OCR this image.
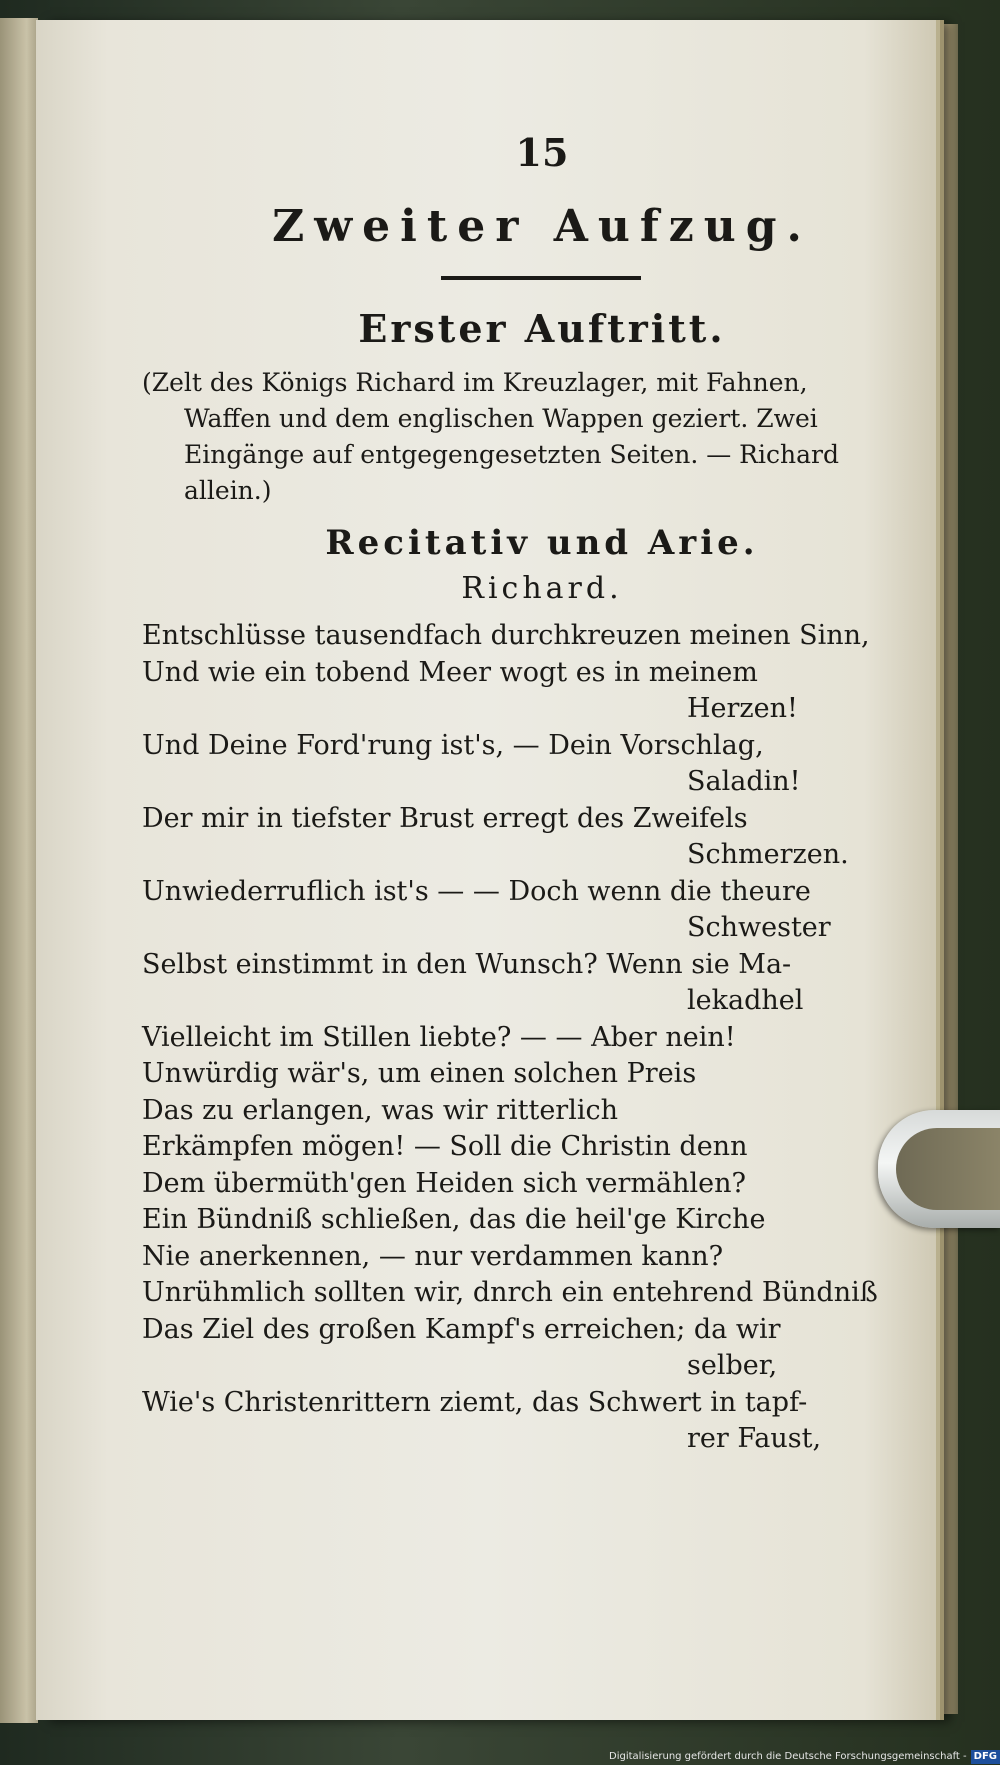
15
Zweiter Aufzug.
Erster Auftritt.
(Zelt des Königs Richard im Kreuzlager, mit Fahnen,
Waffen und dem englischen Wappen geziert. Zwei
Eingänge auf entgegengesetzten Seiten. — Richard
allein.)
Recitativ und Arie.
Richard.
Entschlüsse tausendfach durchkreuzen meinen Sinn,
Und wie ein tobend Meer wogt es in meinem
Herzen!
Und Deine Ford'rung ist's, — Dein Vorschlag,
Saladin!
Der mir in tiefster Brust erregt des Zweifels
Schmerzen.
Unwiederruflich ist's — — Doch wenn die theure
Schwester
Selbst einstimmt in den Wunsch? Wenn sie Ma-
lekadhel
Vielleicht im Stillen liebte? — — Aber nein!
Unwürdig wär's, um einen solchen Preis
Das zu erlangen, was wir ritterlich
Erkämpfen mögen! — Soll die Christin denn
Dem übermüth'gen Heiden sich vermählen?
Ein Bündniß schließen, das die heil'ge Kirche
Nie anerkennen, — nur verdammen kann?
Unrühmlich sollten wir, dnrch ein entehrend Bündniß
Das Ziel des großen Kampf's erreichen; da wir
selber,
Wie's Christenrittern ziemt, das Schwert in tapf-
rer Faust,
Digitalisierung gefördert durch die Deutsche Forschungsgemeinschaft - DFG
